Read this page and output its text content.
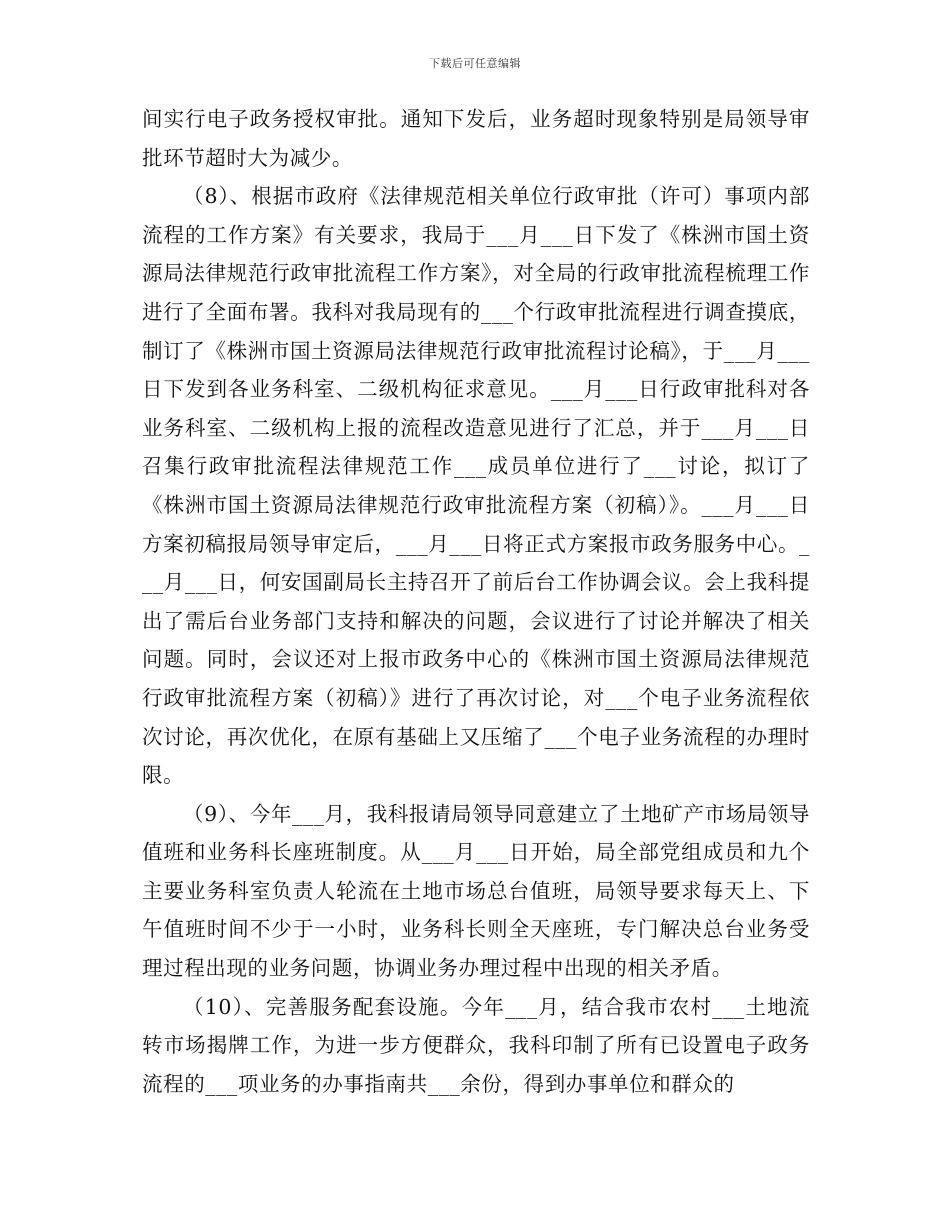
下载后可任意编辑

间实行电子政务授权审批。通知下发后，业务超时现象特别是局领导审批环节超时大为减少。

（8）、根据市政府《法律规范相关单位行政审批（许可）事项内部流程的工作方案》有关要求，我局于___月___日下发了《株洲市国土资源局法律规范行政审批流程工作方案》，对全局的行政审批流程梳理工作进行了全面布署。我科对我局现有的___个行政审批流程进行调查摸底，制订了《株洲市国土资源局法律规范行政审批流程讨论稿》，于___月___日下发到各业务科室、二级机构征求意见。___月___日行政审批科对各业务科室、二级机构上报的流程改造意见进行了汇总，并于___月___日召集行政审批流程法律规范工作___成员单位进行了___讨论，拟订了《株洲市国土资源局法律规范行政审批流程方案（初稿）》。___月___日方案初稿报局领导审定后，___月___日将正式方案报市政务服务中心。___月___日，何安国副局长主持召开了前后台工作协调会议。会上我科提出了需后台业务部门支持和解决的问题，会议进行了讨论并解决了相关问题。同时，会议还对上报市政务中心的《株洲市国土资源局法律规范行政审批流程方案（初稿）》进行了再次讨论，对___个电子业务流程依次讨论，再次优化，在原有基础上又压缩了___个电子业务流程的办理时限。

（9）、今年___月，我科报请局领导同意建立了土地矿产市场局领导值班和业务科长座班制度。从___月___日开始，局全部党组成员和九个主要业务科室负责人轮流在土地市场总台值班，局领导要求每天上、下午值班时间不少于一小时，业务科长则全天座班，专门解决总台业务受理过程出现的业务问题，协调业务办理过程中出现的相关矛盾。

（10）、完善服务配套设施。今年___月，结合我市农村___土地流转市场揭牌工作，为进一步方便群众，我科印制了所有已设置电子政务流程的___项业务的办事指南共___余份，得到办事单位和群众的
